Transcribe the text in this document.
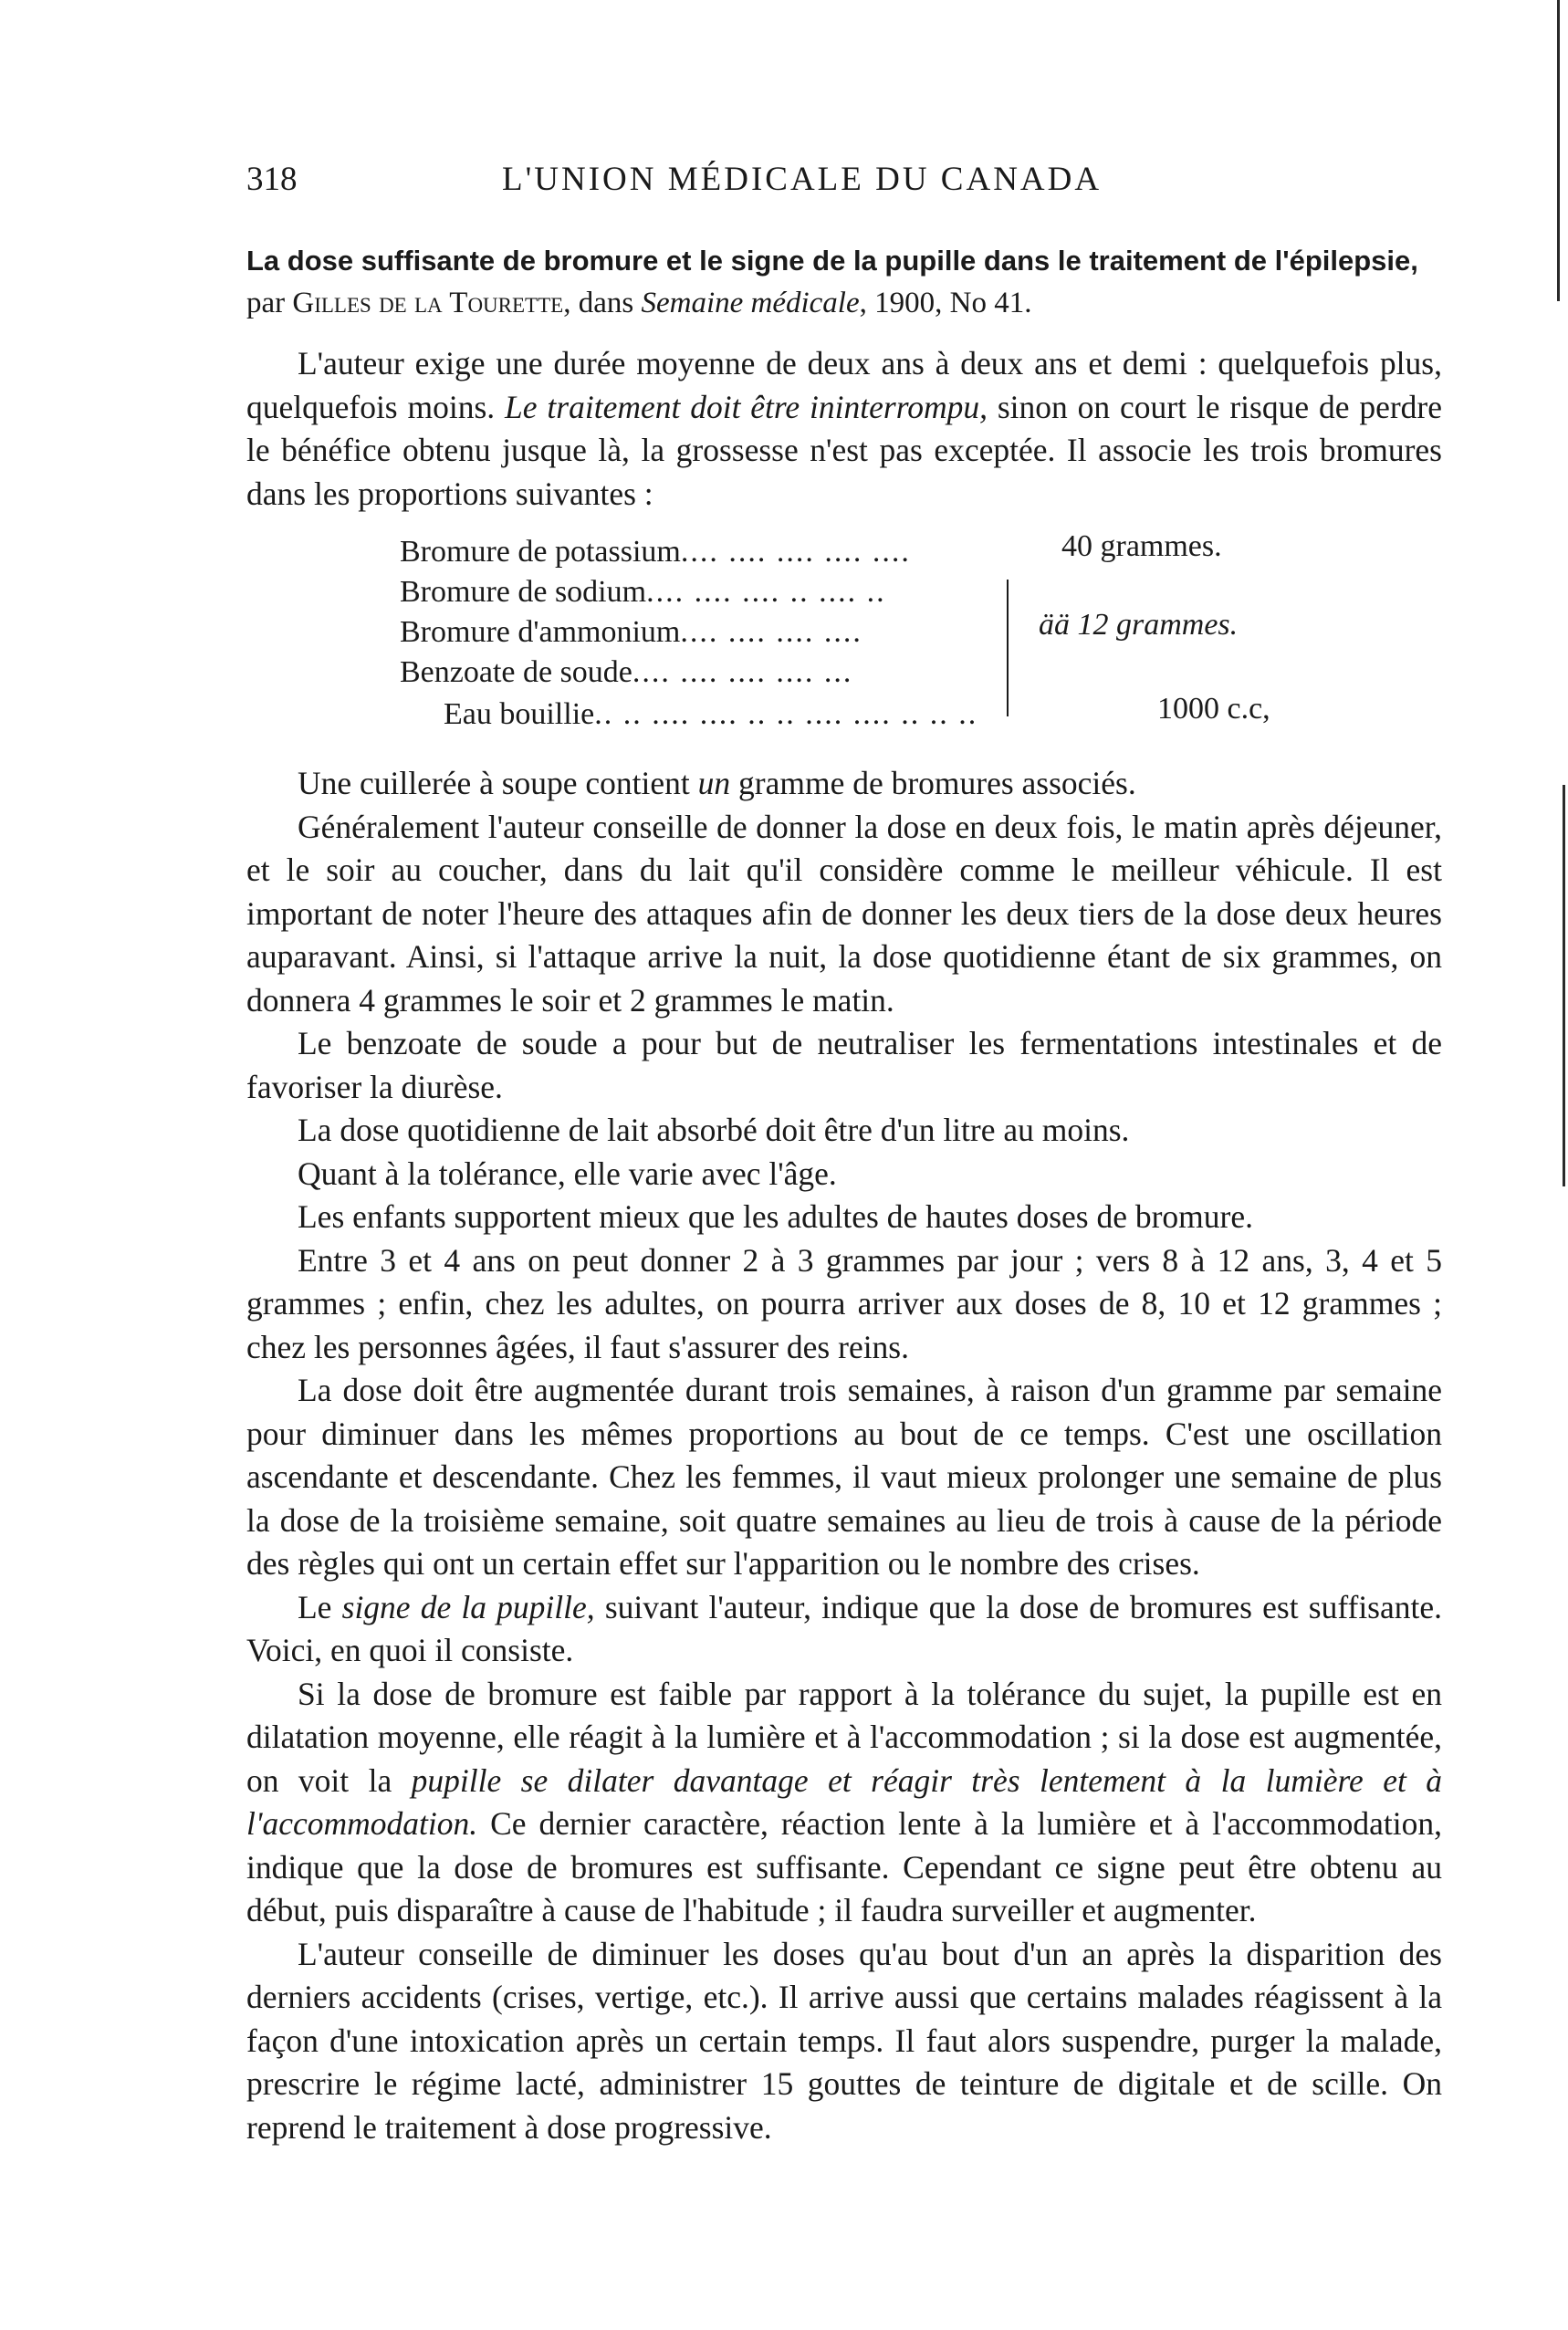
318	L'UNION MÉDICALE DU CANADA
La dose suffisante de bromure et le signe de la pupille dans le traitement de l'épilepsie, par Gilles de la Tourette, dans Semaine médicale, 1900, No 41.

L'auteur exige une durée moyenne de deux ans à deux ans et demi : quelquefois plus, quelquefois moins. Le traitement doit être ininterrompu, sinon on court le risque de perdre le bénéfice obtenu jusque là, la grossesse n'est pas exceptée. Il associe les trois bromures dans les proportions suivantes :

Bromure de potassium.... .... .... .... ....	40 grammes.
Bromure de sodium.... .... .... .. .... ..
Bromure d'ammonium.... .... .... ....
Benzoate de soude.... .... .... .... ...
ää 12 grammes.
Eau bouillie.. .. .... .... .. .. .... .... .. .. ..	1000 c.c,

Une cuillerée à soupe contient un gramme de bromures associés.

Généralement l'auteur conseille de donner la dose en deux fois, le matin après déjeuner, et le soir au coucher, dans du lait qu'il considère comme le meilleur véhicule. Il est important de noter l'heure des attaques afin de donner les deux tiers de la dose deux heures auparavant. Ainsi, si l'attaque arrive la nuit, la dose quotidienne étant de six grammes, on donnera 4 grammes le soir et 2 grammes le matin.

Le benzoate de soude a pour but de neutraliser les fermentations intestinales et de favoriser la diurèse.

La dose quotidienne de lait absorbé doit être d'un litre au moins.

Quant à la tolérance, elle varie avec l'âge.

Les enfants supportent mieux que les adultes de hautes doses de bromure.

Entre 3 et 4 ans on peut donner 2 à 3 grammes par jour ; vers 8 à 12 ans, 3, 4 et 5 grammes ; enfin, chez les adultes, on pourra arriver aux doses de 8, 10 et 12 grammes ; chez les personnes âgées, il faut s'assurer des reins.

La dose doit être augmentée durant trois semaines, à raison d'un gramme par semaine pour diminuer dans les mêmes proportions au bout de ce temps. C'est une oscillation ascendante et descendante. Chez les femmes, il vaut mieux prolonger une semaine de plus la dose de la troisième semaine, soit quatre semaines au lieu de trois à cause de la période des règles qui ont un certain effet sur l'apparition ou le nombre des crises.

Le signe de la pupille, suivant l'auteur, indique que la dose de bromures est suffisante. Voici, en quoi il consiste.

Si la dose de bromure est faible par rapport à la tolérance du sujet, la pupille est en dilatation moyenne, elle réagit à la lumière et à l'accommodation ; si la dose est augmentée, on voit la pupille se dilater davantage et réagir très lentement à la lumière et à l'accommodation. Ce dernier caractère, réaction lente à la lumière et à l'accommodation, indique que la dose de bromures est suffisante. Cependant ce signe peut être obtenu au début, puis disparaître à cause de l'habitude ; il faudra surveiller et augmenter.

L'auteur conseille de diminuer les doses qu'au bout d'un an après la disparition des derniers accidents (crises, vertige, etc.). Il arrive aussi que certains malades réagissent à la façon d'une intoxication après un certain temps. Il faut alors suspendre, purger la malade, prescrire le régime lacté, administrer 15 gouttes de teinture de digitale et de scille. On reprend le traitement à dose progressive.
